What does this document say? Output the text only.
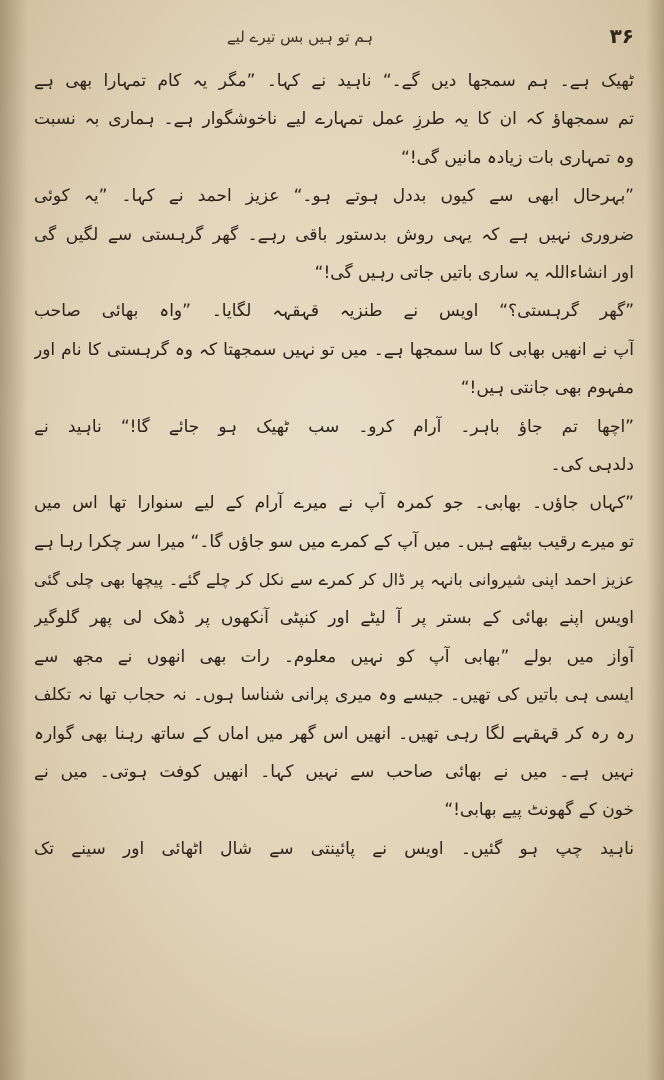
ہم تو ہیں بس تیرے لیے	۳۶
ٹھیک ہے۔ ہم سمجھا دیں گے۔“ ناہید نے کہا۔ ”مگر یہ کام تمہارا بھی ہے
تم سمجھاؤ کہ ان کا یہ طرزِ عمل تمہارے لیے ناخوشگوار ہے۔ ہماری بہ نسبت
وہ تمہاری بات زیادہ مانیں گی!“
”بہرحال ابھی سے کیوں بددل ہوتے ہو۔“ عزیز احمد نے کہا۔ ”یہ کوئی
ضروری نہیں ہے کہ یہی روش بدستور باقی رہے۔ گھر گرہستی سے لگیں گی
اور انشاءاللہ یہ ساری باتیں جاتی رہیں گی!“
”گھر گرہستی؟“ اویس نے طنزیہ قہقہہ لگایا۔ ”واہ بھائی صاحب
آپ نے انھیں بھابی کا سا سمجھا ہے۔ میں تو نہیں سمجھتا کہ وہ گرہستی کا نام اور
مفہوم بھی جانتی ہیں!“
”اچھا تم جاؤ باہر۔ آرام کرو۔ سب ٹھیک ہو جائے گا!“ ناہید نے
دلدہی کی۔
”کہاں جاؤں۔ بھابی۔ جو کمرہ آپ نے میرے آرام کے لیے سنوارا تھا اس میں
تو میرے رقیب بیٹھے ہیں۔ میں آپ کے کمرے میں سو جاؤں گا۔“ میرا سر چکرا رہا ہے
عزیز احمد اپنی شیروانی بانہہ پر ڈال کر کمرے سے نکل کر چلے گئے۔ پیچھا بھی چلی گئی
اویس اپنے بھائی کے بستر پر آ لیٹے اور کنپٹی آنکھوں پر ڈھک لی پھر گلوگیر
آواز میں بولے ”بھابی آپ کو نہیں معلوم۔ رات بھی انھوں نے مجھ سے
ایسی ہی باتیں کی تھیں۔ جیسے وہ میری پرانی شناسا ہوں۔ نہ حجاب تھا نہ تکلف
رہ رہ کر قہقہے لگا رہی تھیں۔ انھیں اس گھر میں اماں کے ساتھ رہنا بھی گوارہ
نہیں ہے۔ میں نے بھائی صاحب سے نہیں کہا۔ انھیں کوفت ہوتی۔ میں نے
خون کے گھونٹ پیے بھابی!“
ناہید چپ ہو گئیں۔ اویس نے پائینتی سے شال اٹھائی اور سینے تک
